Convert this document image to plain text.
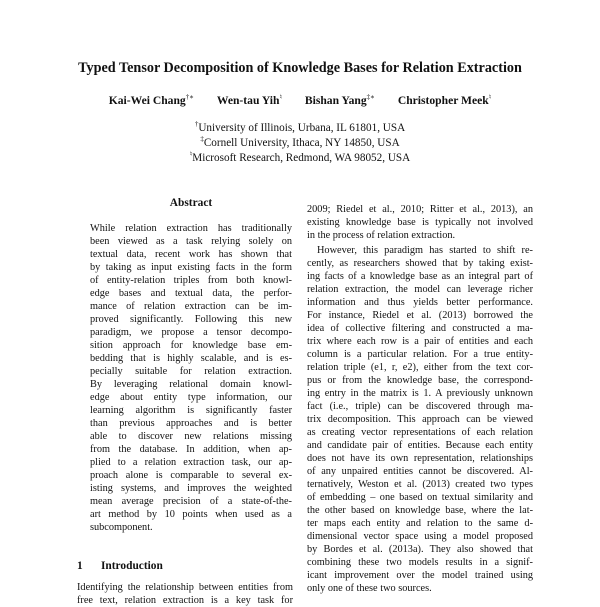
Typed Tensor Decomposition of Knowledge Bases for Relation Extraction
Kai-Wei Chang†∗ Wen-tau Yih♮ Bishan Yang‡∗ Christopher Meek♮
†University of Illinois, Urbana, IL 61801, USA
‡Cornell University, Ithaca, NY 14850, USA
♮Microsoft Research, Redmond, WA 98052, USA
Abstract
While relation extraction has traditionally
been viewed as a task relying solely on
textual data, recent work has shown that
by taking as input existing facts in the form
of entity-relation triples from both knowl-
edge bases and textual data, the perfor-
mance of relation extraction can be im-
proved significantly. Following this new
paradigm, we propose a tensor decompo-
sition approach for knowledge base em-
bedding that is highly scalable, and is es-
pecially suitable for relation extraction.
By leveraging relational domain knowl-
edge about entity type information, our
learning algorithm is significantly faster
than previous approaches and is better
able to discover new relations missing
from the database. In addition, when ap-
plied to a relation extraction task, our ap-
proach alone is comparable to several ex-
isting systems, and improves the weighted
mean average precision of a state-of-the-
art method by 10 points when used as a
subcomponent.
1 Introduction
Identifying the relationship between entities from
free text, relation extraction is a key task for
2009; Riedel et al., 2010; Ritter et al., 2013), an
existing knowledge base is typically not involved
in the process of relation extraction.
However, this paradigm has started to shift re-
cently, as researchers showed that by taking exist-
ing facts of a knowledge base as an integral part of
relation extraction, the model can leverage richer
information and thus yields better performance.
For instance, Riedel et al. (2013) borrowed the
idea of collective filtering and constructed a ma-
trix where each row is a pair of entities and each
column is a particular relation. For a true entity-
relation triple (e1, r, e2), either from the text cor-
pus or from the knowledge base, the correspond-
ing entry in the matrix is 1. A previously unknown
fact (i.e., triple) can be discovered through ma-
trix decomposition. This approach can be viewed
as creating vector representations of each relation
and candidate pair of entities. Because each entity
does not have its own representation, relationships
of any unpaired entities cannot be discovered. Al-
ternatively, Weston et al. (2013) created two types
of embedding – one based on textual similarity and
the other based on knowledge base, where the lat-
ter maps each entity and relation to the same d-
dimensional vector space using a model proposed
by Bordes et al. (2013a). They also showed that
combining these two models results in a signif-
icant improvement over the model trained using
only one of these two sources.
